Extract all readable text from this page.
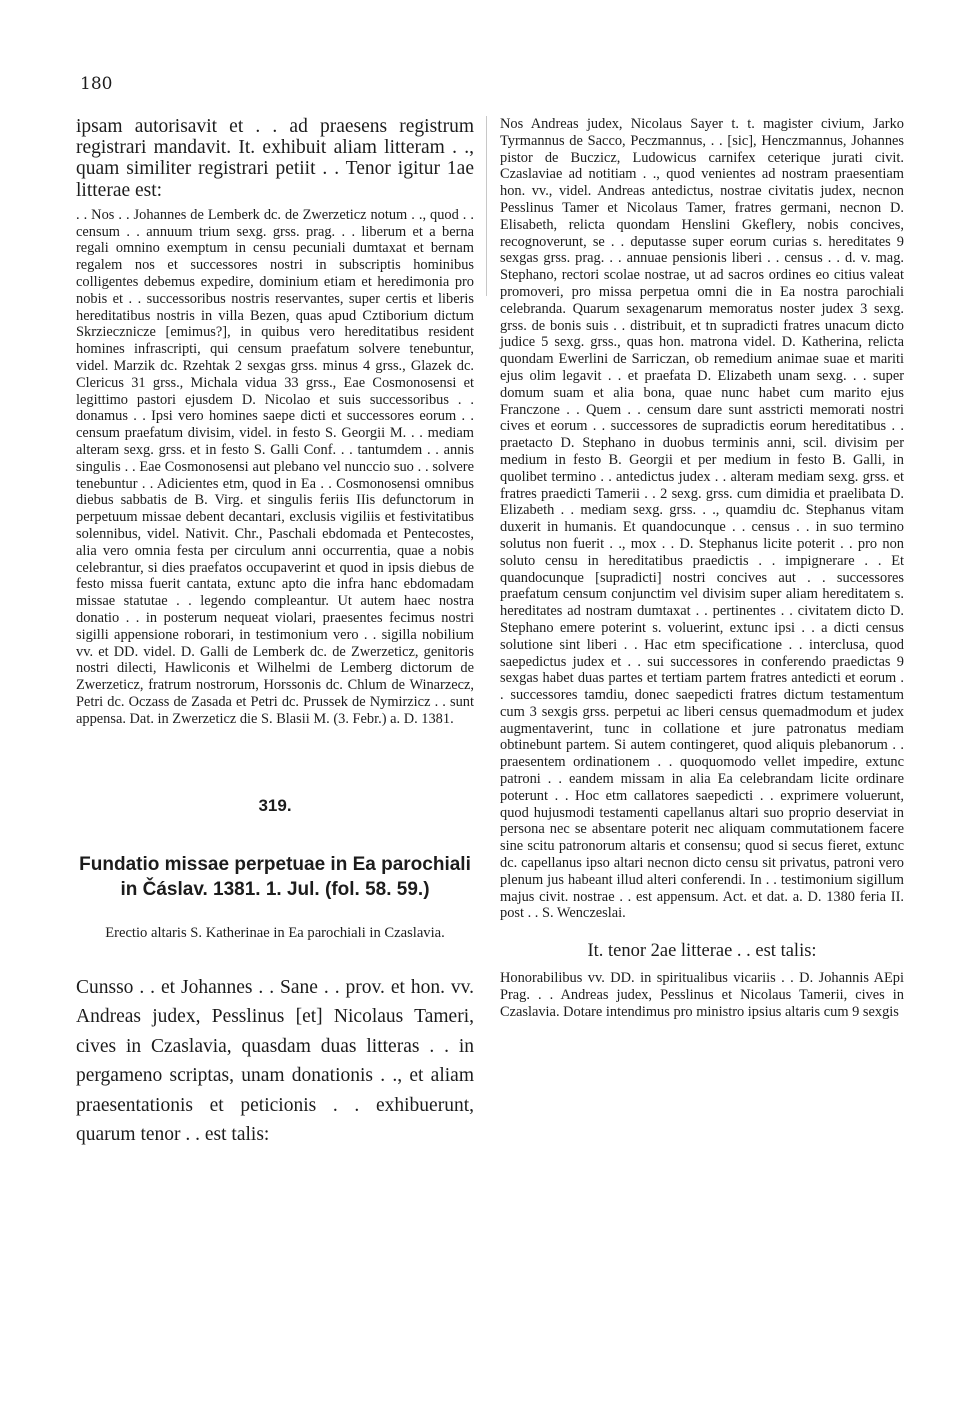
180

ipsam autorisavit et . . ad praesens registrum registrari mandavit. It. exhibuit aliam litteram . ., quam similiter registrari petiit . . Tenor igitur 1ae litterae est:

. . Nos . . Johannes de Lemberk dc. de Zwerzeticz notum . ., quod . . censum . . annuum trium sexg. grss. prag. . . liberum et a berna regali omnino exemptum in censu pecuniali dumtaxat et bernam regalem nos et successores nostri in subscriptis hominibus colligentes debemus expedire, dominium etiam et heredimonia pro nobis et . . successoribus nostris reservantes, super certis et liberis hereditatibus nostris in villa Bezen, quas apud Cztiborium dictum Skrziecznicze [emimus?], in quibus vero hereditatibus resident homines infrascripti, qui censum praefatum solvere tenebuntur, videl. Marzik dc. Rzehtak 2 sexgas grss. minus 4 grss., Glazek dc. Clericus 31 grss., Michala vidua 33 grss., Eae Cosmonosensi et legittimo pastori ejusdem D. Nicolao et suis successoribus . . donamus . . Ipsi vero homines saepe dicti et successores eorum . . censum praefatum divisim, videl. in festo S. Georgii M. . . mediam alteram sexg. grss. et in festo S. Galli Conf. . . tantumdem . . annis singulis . . Eae Cosmonosensi aut plebano vel nunccio suo . . solvere tenebuntur . . Adicientes etm, quod in Ea . . Cosmonosensi omnibus diebus sabbatis de B. Virg. et singulis feriis IIis defunctorum in perpetuum missae debent decantari, exclusis vigiliis et festivitatibus solennibus, videl. Nativit. Chr., Paschali ebdomada et Pentecostes, alia vero omnia festa per circulum anni occurrentia, quae a nobis celebrantur, si dies praefatos occupaverint et quod in ipsis diebus de festo missa fuerit cantata, extunc apto die infra hanc ebdomadam missae statutae . . legendo compleantur. Ut autem haec nostra donatio . . in posterum nequeat violari, praesentes fecimus nostri sigilli appensione roborari, in testimonium vero . . sigilla nobilium vv. et DD. videl. D. Galli de Lemberk dc. de Zwerzeticz, genitoris nostri dilecti, Hawliconis et Wilhelmi de Lemberg dictorum de Zwerzeticz, fratrum nostrorum, Horssonis dc. Chlum de Winarzecz, Petri dc. Oczass de Zasada et Petri dc. Prussek de Nymirzicz . . sunt appensa. Dat. in Zwerzeticz die S. Blasii M. (3. Febr.) a. D. 1381.

319.

Fundatio missae perpetuae in Ea parochiali in Čáslav. 1381. 1. Jul. (fol. 58. 59.)

Erectio altaris S. Katherinae in Ea parochiali in Czaslavia.

Cunsso . . et Johannes . . Sane . . prov. et hon. vv. Andreas judex, Pesslinus [et] Nicolaus Tameri, cives in Czaslavia, quasdam duas litteras . . in pergameno scriptas, unam donationis . ., et aliam praesentationis et peticionis . . exhibuerunt, quarum tenor . . est talis:

Nos Andreas judex, Nicolaus Sayer t. t. magister civium, Jarko Tyrmannus de Sacco, Peczmannus, . . [sic], Henczmannus, Johannes pistor de Buczicz, Ludowicus carnifex ceterique jurati civit. Czaslaviae ad notitiam . ., quod venientes ad nostram praesentiam hon. vv., videl. Andreas antedictus, nostrae civitatis judex, necnon Pesslinus Tamer et Nicolaus Tamer, fratres germani, necnon D. Elisabeth, relicta quondam Henslini Gkeflery, nobis concives, recognoverunt, se . . deputasse super eorum curias s. hereditates 9 sexgas grss. prag. . . annuae pensionis liberi . . census . . d. v. mag. Stephano, rectori scolae nostrae, ut ad sacros ordines eo citius valeat promoveri, pro missa perpetua omni die in Ea nostra parochiali celebranda. Quarum sexagenarum memoratus noster judex 3 sexg. grss. de bonis suis . . distribuit, et tn supradicti fratres unacum dicto judice 5 sexg. grss., quas hon. matrona videl. D. Katherina, relicta quondam Ewerlini de Sarriczan, ob remedium animae suae et mariti ejus olim legavit . . et praefata D. Elizabeth unam sexg. . . super domum suam et alia bona, quae nunc habet cum marito ejus Franczone . . Quem . . censum dare sunt asstricti memorati nostri cives et eorum . . successores de supradictis eorum hereditatibus . . praetacto D. Stephano in duobus terminis anni, scil. divisim per medium in festo B. Georgii et per medium in festo B. Galli, in quolibet termino . . antedictus judex . . alteram mediam sexg. grss. et fratres praedicti Tamerii . . 2 sexg. grss. cum dimidia et praelibata D. Elizabeth . . mediam sexg. grss. . ., quamdiu dc. Stephanus vitam duxerit in humanis. Et quandocunque . . census . . in suo termino solutus non fuerit . ., mox . . D. Stephanus licite poterit . . pro non soluto censu in hereditatibus praedictis . . impignerare . . Et quandocunque [supradicti] nostri concives aut . . successores praefatum censum conjunctim vel divisim super aliam hereditatem s. hereditates ad nostram dumtaxat . . pertinentes . . civitatem dicto D. Stephano emere poterint s. voluerint, extunc ipsi . . a dicti census solutione sint liberi . . Hac etm specificatione . . interclusa, quod saepedictus judex et . . sui successores in conferendo praedictas 9 sexgas habet duas partes et tertiam partem fratres antedicti et eorum . . successores tamdiu, donec saepedicti fratres dictum testamentum cum 3 sexgis grss. perpetui ac liberi census quemadmodum et judex augmentaverint, tunc in collatione et jure patronatus mediam obtinebunt partem. Si autem contingeret, quod aliquis plebanorum . . praesentem ordinationem . . quoquomodo vellet impedire, extunc patroni . . eandem missam in alia Ea celebrandam licite ordinare poterunt . . Hoc etm callatores saepedicti . . exprimere voluerunt, quod hujusmodi testamenti capellanus altari suo proprio deserviat in persona nec se absentare poterit nec aliquam commutationem facere sine scitu patronorum altaris et consensu; quod si secus fieret, extunc dc. capellanus ipso altari necnon dicto censu sit privatus, patroni vero plenum jus habeant illud alteri conferendi. In . . testimonium sigillum majus civit. nostrae . . est appensum. Act. et dat. a. D. 1380 feria II. post . . S. Wenczeslai.

It. tenor 2ae litterae . . est talis:

Honorabilibus vv. DD. in spiritualibus vicariis . . D. Johannis AEpi Prag. . . Andreas judex, Pesslinus et Nicolaus Tamerii, cives in Czaslavia. Dotare intendimus pro ministro ipsius altaris cum 9 sexgis
